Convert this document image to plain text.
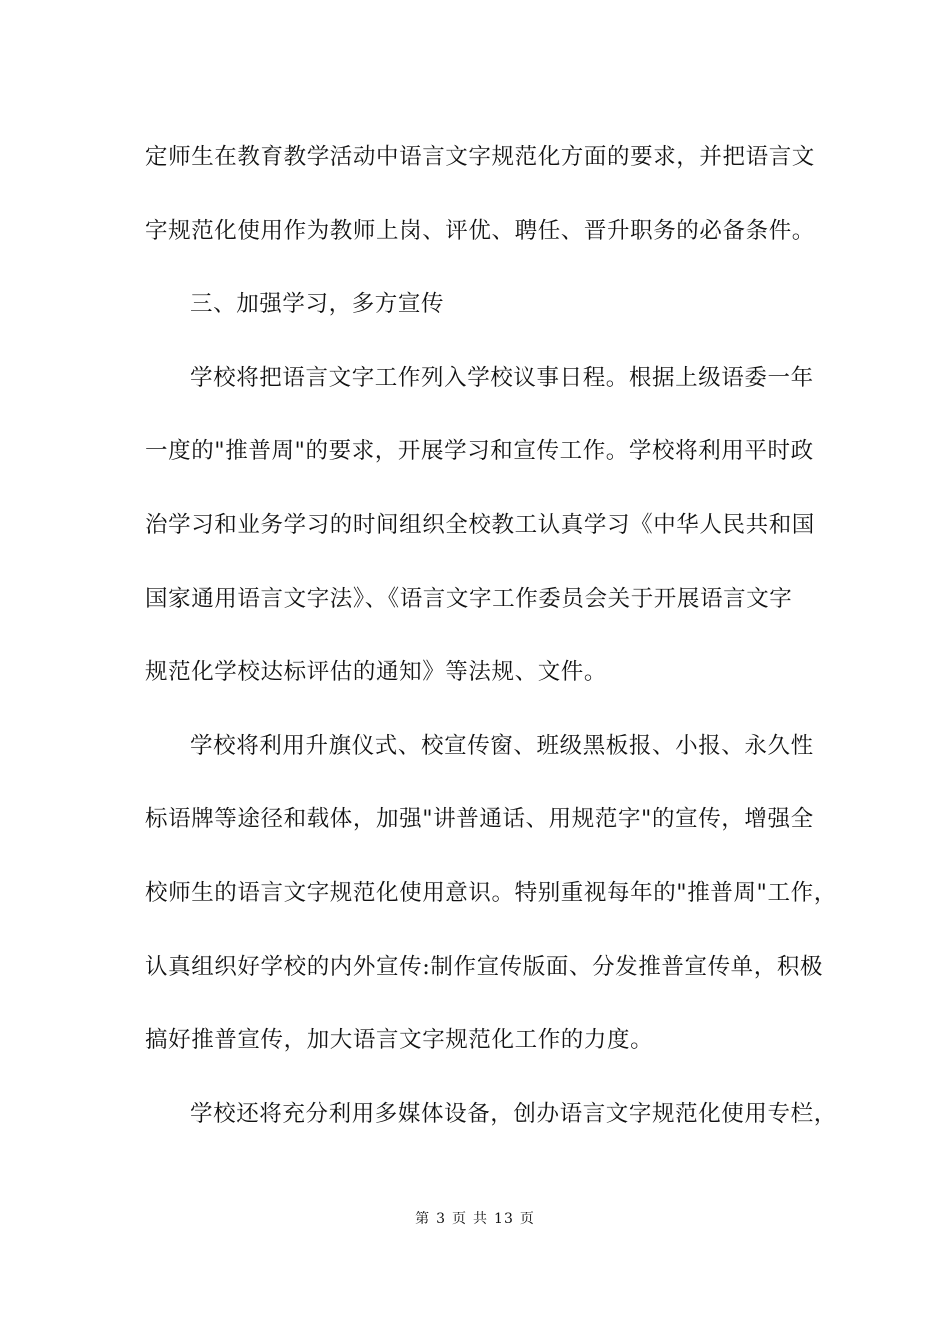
定师生在教育教学活动中语言文字规范化方面的要求，并把语言文
字规范化使用作为教师上岗、评优、聘任、晋升职务的必备条件。
三、加强学习，多方宣传
学校将把语言文字工作列入学校议事日程。根据上级语委一年
一度的"推普周"的要求，开展学习和宣传工作。学校将利用平时政
治学习和业务学习的时间组织全校教工认真学习《中华人民共和国
国家通用语言文字法》、《语言文字工作委员会关于开展语言文字
规范化学校达标评估的通知》等法规、文件。
学校将利用升旗仪式、校宣传窗、班级黑板报、小报、永久性
标语牌等途径和载体，加强"讲普通话、用规范字"的宣传，增强全
校师生的语言文字规范化使用意识。特别重视每年的"推普周"工作，
认真组织好学校的内外宣传:制作宣传版面、分发推普宣传单，积极
搞好推普宣传，加大语言文字规范化工作的力度。
学校还将充分利用多媒体设备，创办语言文字规范化使用专栏，
第 3 页 共 13 页
